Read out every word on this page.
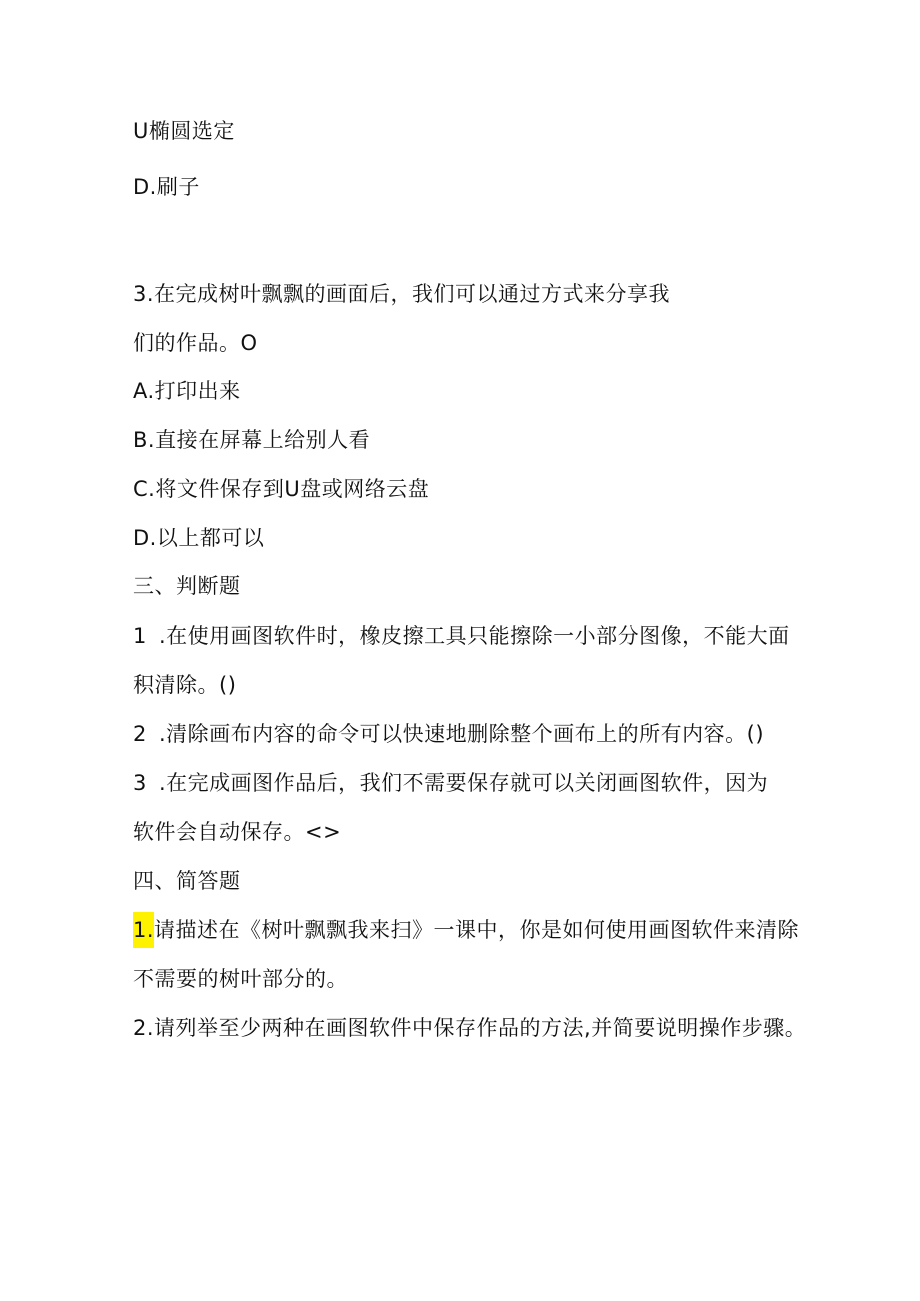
U椭圆选定
D.刷子
3.在完成树叶飘飘的画面后，我们可以通过方式来分享我
们的作品。O
A.打印出来
B.直接在屏幕上给别人看
C.将文件保存到U盘或网络云盘
D.以上都可以
三、判断题
1 .在使用画图软件时，橡皮擦工具只能擦除一小部分图像，不能大面
积清除。()
2 .清除画布内容的命令可以快速地删除整个画布上的所有内容。()
3 .在完成画图作品后，我们不需要保存就可以关闭画图软件，因为
软件会自动保存。<>
四、简答题
1.请描述在《树叶飘飘我来扫》一课中，你是如何使用画图软件来清除
不需要的树叶部分的。
2.请列举至少两种在画图软件中保存作品的方法,并简要说明操作步骤。
